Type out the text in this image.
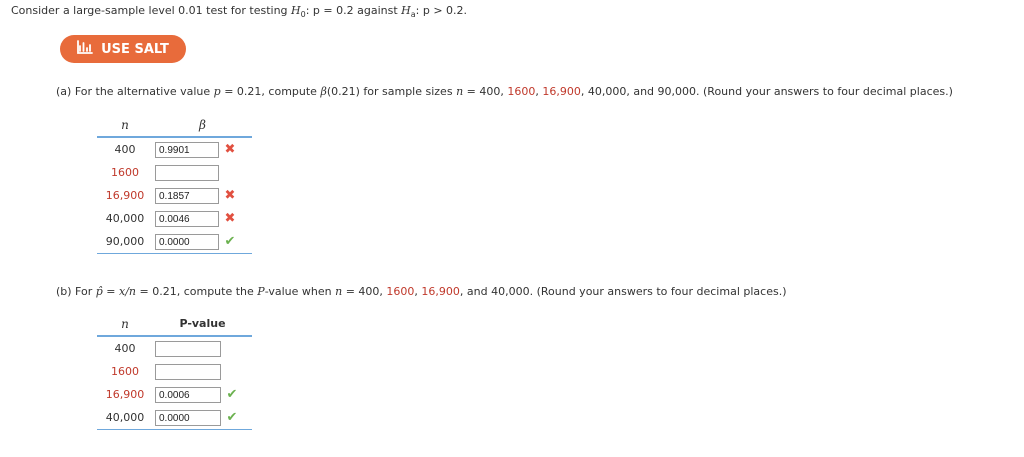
Consider a large-sample level 0.01 test for testing $H_0$: p = 0.2 against $H_a$: p > 0.2.
USE SALT
(a) For the alternative value p = 0.21, compute β(0.21) for sample sizes n = 400, 1600, 16,900, 40,000, and 90,000. (Round your answers to four decimal places.)
n	β
400	0.9901 ✖
1600	
16,900	0.1857 ✖
40,000	0.0046 ✖
90,000	0.0000 ✔
(b) For p̂ = x/n = 0.21, compute the P-value when n = 400, 1600, 16,900, and 40,000. (Round your answers to four decimal places.)
n	P-value
400	
1600	
16,900	0.0006 ✔
40,000	0.0000 ✔
